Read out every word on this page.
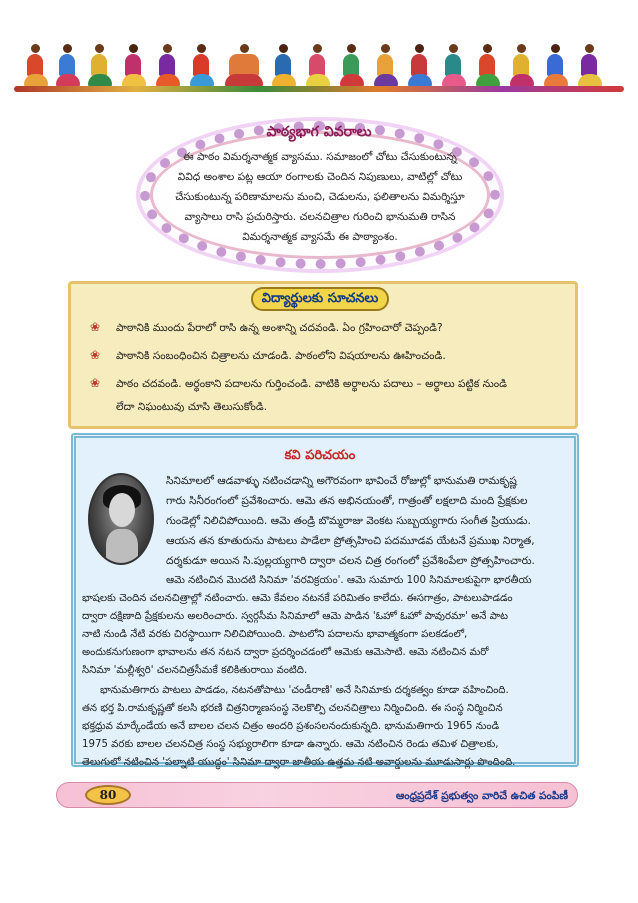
పాఠ్యభాగ వివరాలు
ఈ పాఠం విమర్శనాత్మక వ్యాసము. సమాజంలో చోటు చేసుకుంటున్న
వివిధ అంశాల పట్ల ఆయా రంగాలకు చెందిన నిపుణులు, వాటిల్లో చోటు
చేసుకుంటున్న పరిణామాలను మంచి, చెడులను, ఫలితాలను విమర్శిస్తూ
వ్యాసాలు రాసి ప్రచురిస్తారు. చలనచిత్రాల గురించి భానుమతి రాసిన
విమర్శనాత్మక వ్యాసమే ఈ పాఠ్యాంశం.
విద్యార్థులకు సూచనలు
❀ పాఠానికి ముందు పేరాలో రాసి ఉన్న అంశాన్ని చదవండి. ఏం గ్రహించారో చెప్పండి?
❀ పాఠానికి సంబంధించిన చిత్రాలను చూడండి. పాఠంలోని విషయాలను ఊహించండి.
❀ పాఠం చదవండి. అర్థంకాని పదాలను గుర్తించండి. వాటికి అర్థాలను పదాలు – అర్థాలు పట్టిక నుండి
లేదా నిఘంటువు చూసి తెలుసుకోండి.
కవి పరిచయం
సినిమాలలో ఆడవాళ్ళు నటించడాన్ని అగౌరవంగా భావించే రోజుల్లో భానుమతి రామకృష్ణ
గారు సినీరంగంలో ప్రవేశించారు. ఆమె తన అభినయంతో, గాత్రంతో లక్షలాది మంది ప్రేక్షకుల
గుండెల్లో నిలిచిపోయింది. ఆమె తండ్రి బొమ్మరాజు వెంకట సుబ్బయ్యగారు సంగీత ప్రియుడు.
ఆయన తన కూతురును పాటలు పాడేలా ప్రోత్సహించి పదమూడవ యేటనే ప్రముఖ నిర్మాత,
దర్శకుడూ అయిన సి.పుల్లయ్యగారి ద్వారా చలన చిత్ర రంగంలో ప్రవేశింపేలా ప్రోత్సహించారు.
ఆమె నటించిన మొదటి సినిమా 'వరవిక్రయం'. ఆమె సుమారు 100 సినిమాలకుపైగా భారతీయ
భాషలకు చెందిన చలనచిత్రాల్లో నటించారు. ఆమె కేవలం నటనకే పరిమితం కాలేదు. ఈసగాత్రం, పాటలుపాడడం
ద్వారా దక్షిణాది ప్రేక్షకులను అలరించారు. స్వర్గసీమ సినిమాలో ఆమె పాడిన 'ఓహో ఓహో పావురమా' అనే పాట
నాటి నుండి నేటి వరకు చిరస్థాయిగా నిలిచిపోయింది. పాటలోని పదాలను భావాత్మకంగా పలకడంలో,
అందుకనుగుణంగా భావాలను తన నటన ద్వారా ప్రదర్శించడంలో ఆమెకు ఆమెసాటి. ఆమె నటించిన మరో
సినిమా 'మల్లీశ్వరి' చలనచిత్రసీమకే కలికితురాయి వంటిది.
భానుమతిగారు పాటలు పాడడం, నటనతోపాటు 'చండీరాణి' అనే సినిమాకు దర్శకత్వం కూడా వహించింది.
తన భర్త పి.రామకృష్ణతో కలసి భరణి చిత్రనిర్మాణసంస్థ నెలకొల్పి చలనచిత్రాలు నిర్మించింది. ఈ సంస్థ నిర్మించిన
భక్తధ్రువ మార్కేండేయ అనే బాలల చలన చిత్రం అందరి ప్రశంసలనందుకున్నది. భానుమతిగారు 1965 నుండి
80	ఆంధ్రప్రదేశ్ ప్రభుత్వం వారిచే ఉచిత పంపిణీ
1975 వరకు బాలల చలనచిత్ర సంస్థ సభ్యురాలిగా కూడా ఉన్నారు. ఆమె నటించిన రెండు తమిళ చిత్రాలకు,
తెలుగులో నటించిన 'పల్నాటి యుద్ధం' సినిమా ద్వారా జాతీయ ఉత్తమ నటి అవార్డులను మూడుసార్లు పొందింది.
